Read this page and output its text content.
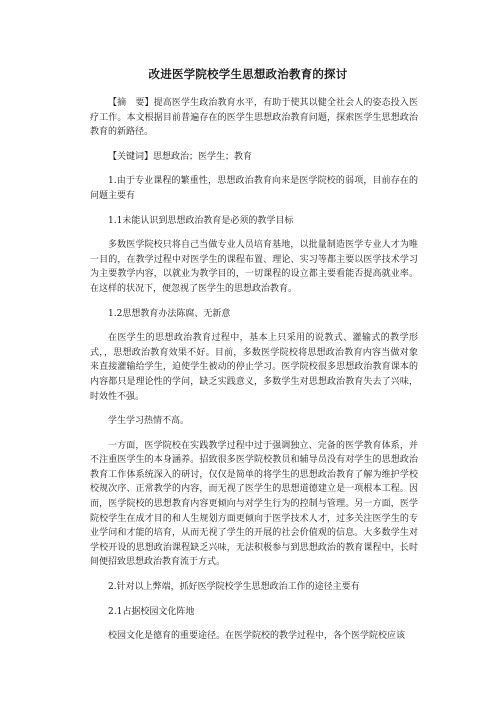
改进医学院校学生思想政治教育的探讨

【摘　要】提高医学生政治教育水平，有助于使其以健全社会人的姿态投入医疗工作。本文根据目前普遍存在的医学生思想政治教育问题，探索医学生思想政治教育的新路径。

【关键词】思想政治；医学生；教育

1.由于专业课程的繁重性，思想政治教育向来是医学院校的弱项，目前存在的问题主要有

1.1未能认识到思想政治教育是必须的教学目标

多数医学院校只将自己当做专业人员培育基地，以批量制造医学专业人才为唯一目的，在教学过程中对医学生的课程布置、理论、实习等都主要以医学技术学习为主要教学内容，以就业为教学目的，一切课程的设立都主要看能否提高就业率。在这样的状况下，便忽视了医学生的思想政治教育。

1.2思想教育办法陈腐、无新意

在医学生的思想政治教育过程中，基本上只采用的说教式、灌输式的教学形式，，思想政治教育效果不好。目前，多数医学院校将思想政治教育内容当做对象来直接灌输给学生，迫使学生被动的停止学习。医学院校很多思想政治教育课本的内容都只是理论性的学问，缺乏实践意义，多数学生对思想政治教育失去了兴味，时效性不强。

学生学习热情不高。

一方面，医学院校在实践教学过程中过于强调独立、完备的医学教育体系，并不注重医学生的本身涵养。招致很多医学院校教员和辅导员没有对学生的思想政治教育工作体系统深入的研讨，仅仅是简单的将学生的思想政治教育了解为维护学校校规次序、正常教学的内容，而无视了医学生的思想道德建立是一项根本工程。因而，医学院校的思想教育内容更倾向与对学生行为的控制与管理。另一方面，医学院校学生在成才目的和人生规划方面更倾向于医学技术人才，过多关注医学生的专业学问和才能的培育，从而无视了学生的开展的社会价值观的信息。大多数学生对学校开设的思想政治课程缺乏兴味，无法积极参与到思想政治的教育课程中，长时间便招致思想政治教育流于方式。

2.针对以上弊端，抓好医学院校学生思想政治工作的途径主要有

2.1占据校园文化阵地

校园文化是德育的重要途径。在医学院校的教学过程中，各个医学院校应该
